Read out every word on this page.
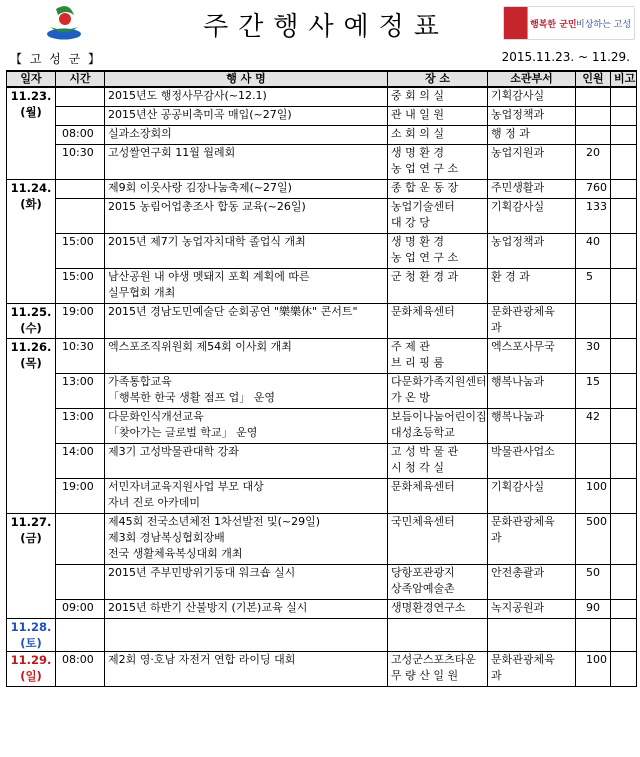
주간행사예정표	행복한 군민 비상하는 고성
【 고 성 군 】	2015.11.23. ~ 11.29.
일자	시간	행 사 명	장 소	소관부서	인원	비고

11.23.
(월)		2015년도 행정사무감사(~12.1)	중 회 의 실	기획감사실		

		2015년산 공공비축미곡 매입(~27일)	관 내 일 원	농업정책과		

	08:00	실과소장회의	소 회 의 실	행 정 과		

	10:30	고성쌀연구회 11월 월례회	생 명 환 경
농 업 연 구 소	농업지원과	20	

11.24.
(화)		제9회 이웃사랑 김장나눔축제(~27일)	종 합 운 동 장	주민생활과	760	

		2015 농림어업총조사 합동 교육(~26일)	농업기술센터
대 강 당	기획감사실	133	
	15:00	2015년 제7기 농업자치대학 졸업식 개최	생 명 환 경
농 업 연 구 소	농업정책과	40	
	15:00	남산공원 내 야생 멧돼지 포획 계획에 따른
실무협회 개최	군 청 환 경 과	환 경 과	5	

11.25.
(수)	19:00	2015년 경남도민예술단 순회공연 "樂樂休" 콘서트"	문화체육센터	문화관광체육
과		

11.26.
(목)	10:30	엑스포조직위원회 제54회 이사회 개최	주 제 관
브 리 핑 룸	엑스포사무국	30	
	13:00	가족통합교육
「행복한 한국 생활 점프 업」 운영	다문화가족지원센터
가 온 방	행복나눔과	15	
	13:00	다문화인식개선교육
「찾아가는 글로벌 학교」 운영	보듬이나눔어린이집
대성초등학교	행복나눔과	42	
	14:00	제3기 고성박물관대학 강좌	고 성 박 물 관
시 청 각 실	박물관사업소		

	19:00	서민자녀교육지원사업 부모 대상
자녀 진로 아카데미	문화체육센터	기획감사실	100	

11.27.
(금)		제45회 전국소년체전 1차선발전 및(~29일)
제3회 경남복싱협회장배
전국 생활체육복싱대회 개최	국민체육센터	문화관광체육
과	500	

		2015년 주부민방위기동대 워크숍 실시	당항포관광지
상족암예술촌	안전총괄과	50	
	09:00	2015년 하반기 산불방지 (기본)교육 실시	생명환경연구소	녹지공원과	90	

11.28.
(토)						

11.29.
(일)	08:00	제2회 영·호남 자전거 연합 라이딩 대회	고성군스포츠타운
무 량 산 일 원	문화관광체육
과	100	
